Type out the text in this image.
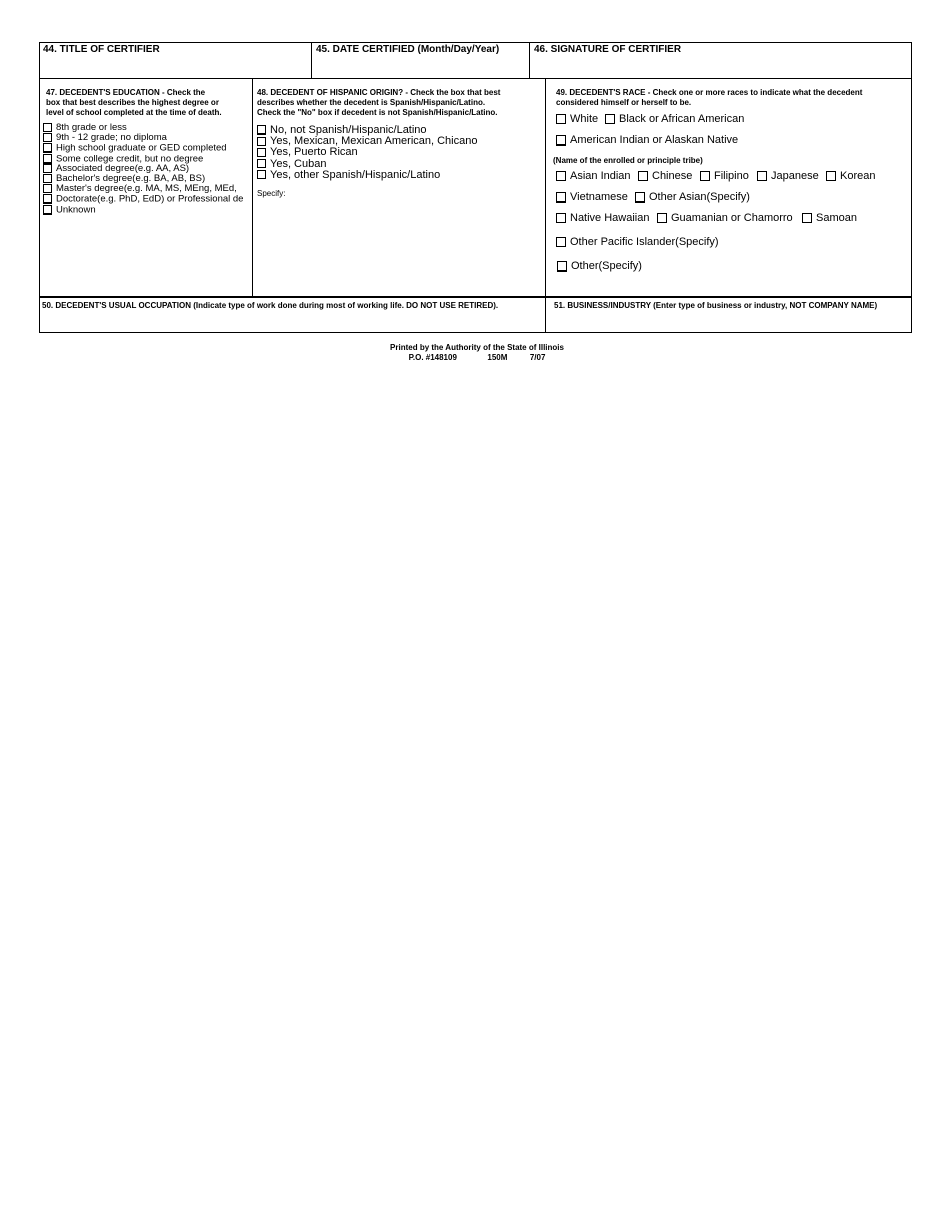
44. TITLE OF CERTIFIER	45. DATE CERTIFIED (Month/Day/Year)	46. SIGNATURE OF CERTIFIER
47. DECEDENT'S EDUCATION - Check the
box that best describes the highest degree or
level of school completed at the time of death.
8th grade or less
9th - 12 grade; no diploma
High school graduate or GED completed
Some college credit, but no degree
Associated degree(e.g. AA, AS)
Bachelor's degree(e.g. BA, AB, BS)
Master's degree(e.g. MA, MS, MEng, MEd,
Doctorate(e.g. PhD, EdD) or Professional de
Unknown
48. DECEDENT OF HISPANIC ORIGIN? - Check the box that best
describes whether the decedent is Spanish/Hispanic/Latino.
Check the "No" box if decedent is not Spanish/Hispanic/Latino.
No, not Spanish/Hispanic/Latino
Yes, Mexican, Mexican American, Chicano
Yes, Puerto Rican
Yes, Cuban
Yes, other Spanish/Hispanic/Latino
Specify:
49. DECEDENT'S RACE - Check one or more races to indicate what the decedent
considered himself or herself to be.
White	Black or African American
American Indian or Alaskan Native
(Name of the enrolled or principle tribe)
Asian Indian	Chinese	Filipino	Japanese	Korean
Vietnamese	Other Asian(Specify)
Native Hawaiian	Guamanian or Chamorro	Samoan
Other Pacific Islander(Specify)
Other(Specify)
50. DECEDENT'S USUAL OCCUPATION (Indicate type of work done during most of working life. DO NOT USE RETIRED).	51. BUSINESS/INDUSTRY (Enter type of business or industry, NOT COMPANY NAME)
Printed by the Authority of the State of Illinois
P.O. #148109	150M	7/07
